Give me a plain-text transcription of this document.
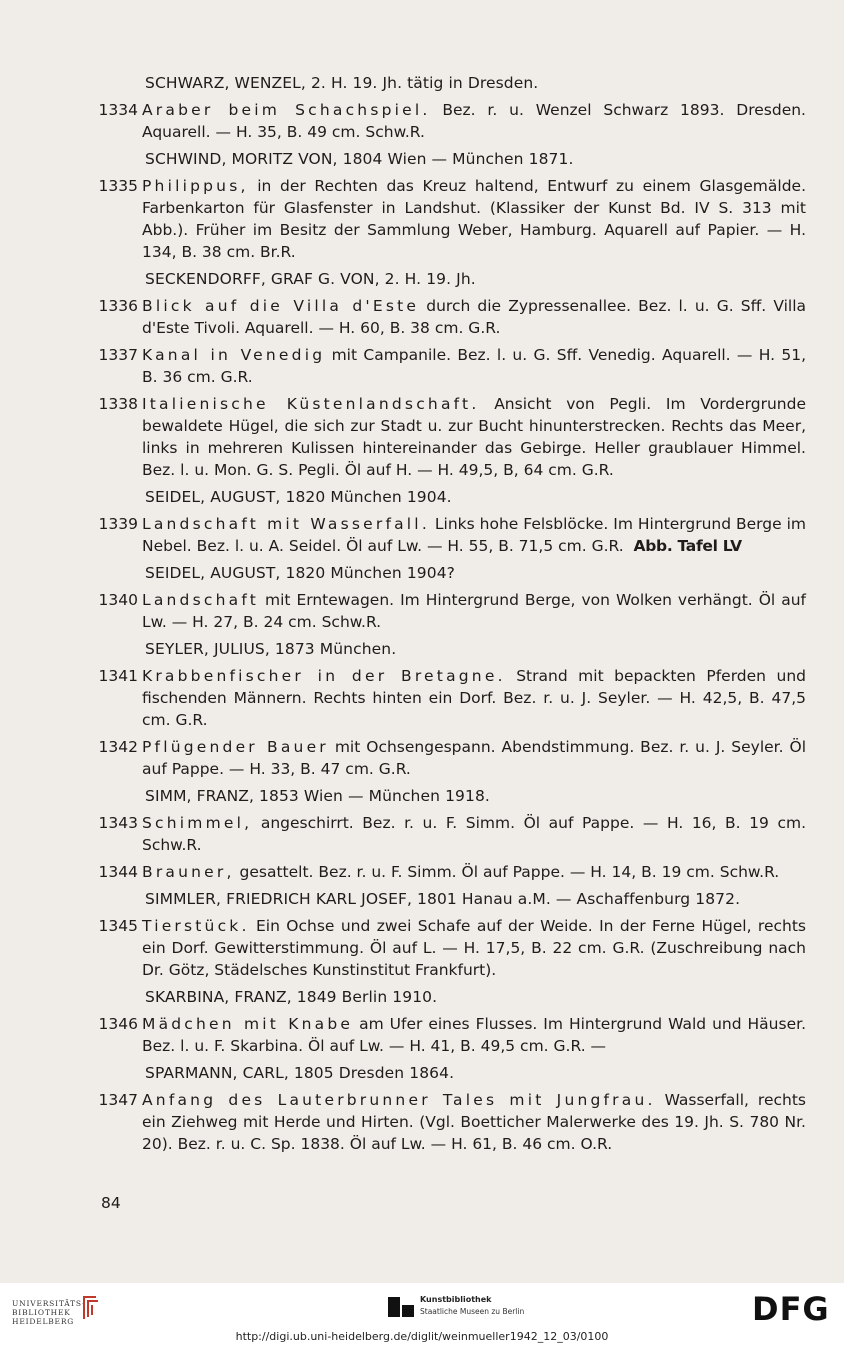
SCHWARZ, WENZEL, 2. H. 19. Jh. tätig in Dresden.
1334 Araber beim Schachspiel. Bez. r. u. Wenzel Schwarz 1893. Dresden. Aquarell. — H. 35, B. 49 cm. Schw.R.
SCHWIND, MORITZ VON, 1804 Wien — München 1871.
1335 Philippus, in der Rechten das Kreuz haltend, Entwurf zu einem Glasgemälde. Farbenkarton für Glasfenster in Landshut. (Klassiker der Kunst Bd. IV S. 313 mit Abb.). Früher im Besitz der Sammlung Weber, Hamburg. Aquarell auf Papier. — H. 134, B. 38 cm. Br.R.
SECKENDORFF, GRAF G. VON, 2. H. 19. Jh.
1336 Blick auf die Villa d'Este durch die Zypressenallee. Bez. l. u. G. Sff. Villa d'Este Tivoli. Aquarell. — H. 60, B. 38 cm. G.R.
1337 Kanal in Venedig mit Campanile. Bez. l. u. G. Sff. Venedig. Aquarell. — H. 51, B. 36 cm. G.R.
1338 Italienische Küstenlandschaft. Ansicht von Pegli. Im Vordergrunde bewaldete Hügel, die sich zur Stadt u. zur Bucht hinunterstrecken. Rechts das Meer, links in mehreren Kulissen hintereinander das Gebirge. Heller graublauer Himmel. Bez. l. u. Mon. G. S. Pegli. Öl auf H. — H. 49,5, B, 64 cm. G.R.
SEIDEL, AUGUST, 1820 München 1904.
1339 Landschaft mit Wasserfall. Links hohe Felsblöcke. Im Hintergrund Berge im Nebel. Bez. l. u. A. Seidel. Öl auf Lw. — H. 55, B. 71,5 cm. G.R. Abb. Tafel LV
SEIDEL, AUGUST, 1820 München 1904?
1340 Landschaft mit Erntewagen. Im Hintergrund Berge, von Wolken verhängt. Öl auf Lw. — H. 27, B. 24 cm. Schw.R.
SEYLER, JULIUS, 1873 München.
1341 Krabbenfischer in der Bretagne. Strand mit bepackten Pferden und fischenden Männern. Rechts hinten ein Dorf. Bez. r. u. J. Seyler. — H. 42,5, B. 47,5 cm. G.R.
1342 Pflügender Bauer mit Ochsengespann. Abendstimmung. Bez. r. u. J. Seyler. Öl auf Pappe. — H. 33, B. 47 cm. G.R.
SIMM, FRANZ, 1853 Wien — München 1918.
1343 Schimmel, angeschirrt. Bez. r. u. F. Simm. Öl auf Pappe. — H. 16, B. 19 cm. Schw.R.
1344 Brauner, gesattelt. Bez. r. u. F. Simm. Öl auf Pappe. — H. 14, B. 19 cm. Schw.R.
SIMMLER, FRIEDRICH KARL JOSEF, 1801 Hanau a.M. — Aschaffenburg 1872.
1345 Tierstück. Ein Ochse und zwei Schafe auf der Weide. In der Ferne Hügel, rechts ein Dorf. Gewitterstimmung. Öl auf L. — H. 17,5, B. 22 cm. G.R. (Zuschreibung nach Dr. Götz, Städelsches Kunstinstitut Frankfurt).
SKARBINA, FRANZ, 1849 Berlin 1910.
1346 Mädchen mit Knabe am Ufer eines Flusses. Im Hintergrund Wald und Häuser. Bez. l. u. F. Skarbina. Öl auf Lw. — H. 41, B. 49,5 cm. G.R. —
SPARMANN, CARL, 1805 Dresden 1864.
1347 Anfang des Lauterbrunner Tales mit Jungfrau. Wasserfall, rechts ein Ziehweg mit Herde und Hirten. (Vgl. Boetticher Malerwerke des 19. Jh. S. 780 Nr. 20). Bez. r. u. C. Sp. 1838. Öl auf Lw. — H. 61, B. 46 cm. O.R.
84
UNIVERSITÄTS-
BIBLIOTHEK
HEIDELBERG
Kunstbibliothek
Staatliche Museen zu Berlin	DFG
http://digi.ub.uni-heidelberg.de/diglit/weinmueller1942_12_03/0100
